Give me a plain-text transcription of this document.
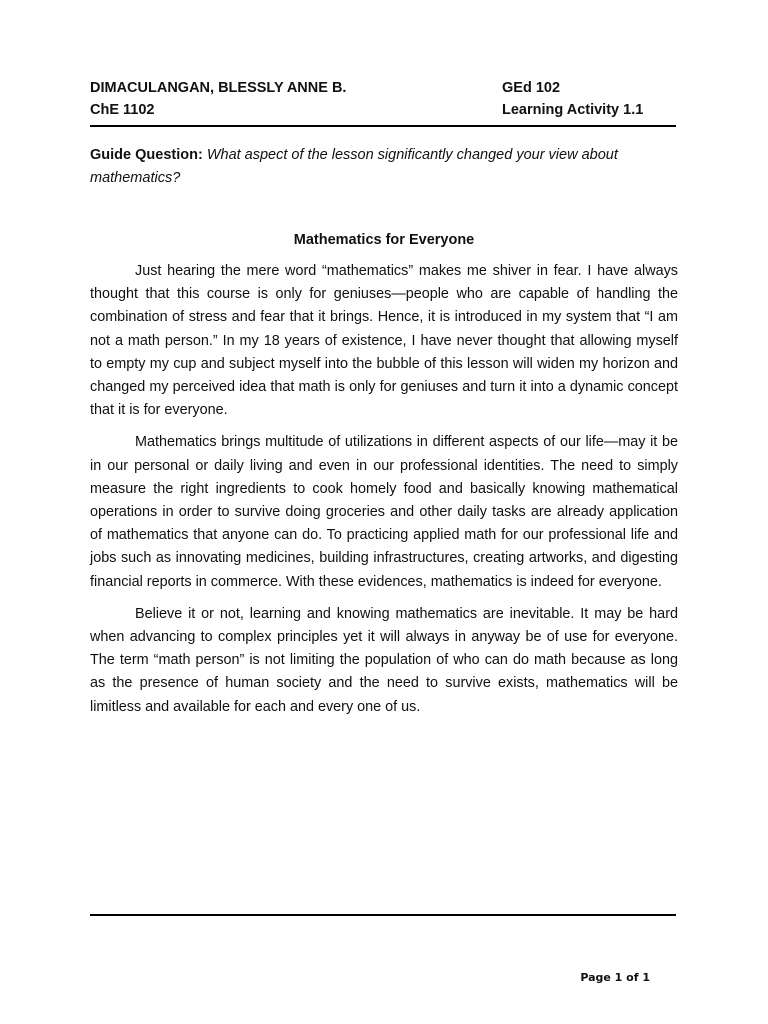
DIMACULANGAN, BLESSLY ANNE B.
ChE 1102
GEd 102
Learning Activity 1.1
Guide Question: What aspect of the lesson significantly changed your view about mathematics?
Mathematics for Everyone

Just hearing the mere word “mathematics” makes me shiver in fear. I have always thought that this course is only for geniuses—people who are capable of handling the combination of stress and fear that it brings. Hence, it is introduced in my system that “I am not a math person.” In my 18 years of existence, I have never thought that allowing myself to empty my cup and subject myself into the bubble of this lesson will widen my horizon and changed my perceived idea that math is only for geniuses and turn it into a dynamic concept that it is for everyone.

Mathematics brings multitude of utilizations in different aspects of our life—may it be in our personal or daily living and even in our professional identities. The need to simply measure the right ingredients to cook homely food and basically knowing mathematical operations in order to survive doing groceries and other daily tasks are already application of mathematics that anyone can do. To practicing applied math for our professional life and jobs such as innovating medicines, building infrastructures, creating artworks, and digesting financial reports in commerce. With these evidences, mathematics is indeed for everyone.

Believe it or not, learning and knowing mathematics are inevitable. It may be hard when advancing to complex principles yet it will always in anyway be of use for everyone. The term “math person” is not limiting the population of who can do math because as long as the presence of human society and the need to survive exists, mathematics will be limitless and available for each and every one of us.

Page 1 of 1
